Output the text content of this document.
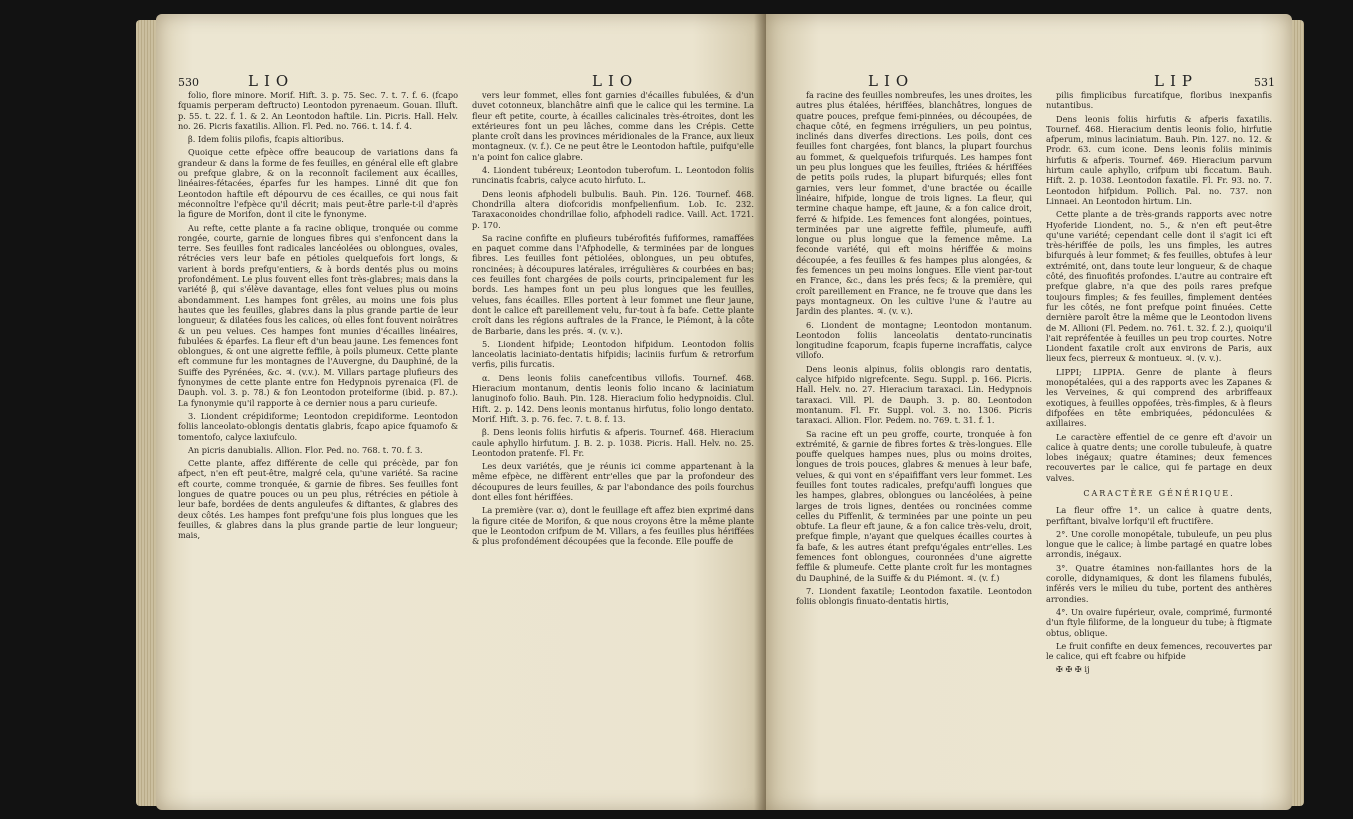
530	LIO	LIO

folio, flore minore. Morif. Hift. 3. p. 75. Sec. 7. t. 7. f. 6. (fcapo fquamis perperam deftructo) Leontodon pyrenaeum. Gouan. Illuft. p. 55. t. 22. f. 1. & 2. An Leontodon haftile. Lin. Picris. Hall. Helv. no. 26. Picris faxatilis. Allion. Fl. Ped. no. 766. t. 14. f. 4.

β. Idem foliis pilofis, fcapis altioribus.

Quoique cette efpèce offre beaucoup de variations dans fa grandeur & dans la forme de fes feuilles, en général elle eft glabre ou prefque glabre, & on la reconnoît facilement aux écailles, linéaires-fétacées, éparfes fur les hampes. Linné dit que fon Leontodon haftile eft dépourvu de ces écailles, ce qui nous fait méconnoître l'efpèce qu'il décrit; mais peut-être parle-t-il d'après la figure de Morifon, dont il cite le fynonyme.

Au refte, cette plante a fa racine oblique, tronquée ou comme rongée, courte, garnie de longues fibres qui s'enfoncent dans la terre. Ses feuilles font radicales lancéolées ou oblongues, ovales, rétrécies vers leur bafe en pétioles quelquefois fort longs, & varient à bords prefqu'entiers, & à bords dentés plus ou moins profondément. Le plus fouvent elles font très-glabres; mais dans la variété β, qui s'élève davantage, elles font velues plus ou moins abondamment. Les hampes font grêles, au moins une fois plus hautes que les feuilles, glabres dans la plus grande partie de leur longueur, & dilatées fous les calices, où elles font fouvent noirâtres & un peu velues. Ces hampes font munies d'écailles linéaires, fubulées & éparfes. La fleur eft d'un beau jaune. Les femences font oblongues, & ont une aigrette feffile, à poils plumeux. Cette plante eft commune fur les montagnes de l'Auvergne, du Dauphiné, de la Suiffe des Pyrénées, &c. ♃. (v.v.). M. Villars partage plufieurs des fynonymes de cette plante entre fon Hedypnois pyrenaica (Fl. de Dauph. vol. 3. p. 78.) & fon Leontodon proteiforme (ibid. p. 87.). La fynonymie qu'il rapporte à ce dernier nous a paru curieufe.

3. Liondent crépidiforme; Leontodon crepidiforme. Leontodon foliis lanceolato-oblongis dentatis glabris, fcapo apice fquamofo & tomentofo, calyce laxiufculo.

An picris danubialis. Allion. Flor. Ped. no. 768. t. 70. f. 3.

Cette plante, affez différente de celle qui précède, par fon afpect, n'en eft peut-être, malgré cela, qu'une variété. Sa racine eft courte, comme tronquée, & garnie de fibres. Ses feuilles font longues de quatre pouces ou un peu plus, rétrécies en pétiole à leur bafe, bordées de dents anguleufes & diftantes, & glabres des deux côtés. Les hampes font prefqu'une fois plus longues que les feuilles, & glabres dans la plus grande partie de leur longueur; mais,

vers leur fommet, elles font garnies d'écailles fubulées, & d'un duvet cotonneux, blanchâtre ainfi que le calice qui les termine. La fleur eft petite, courte, à écailles calicinales très-étroites, dont les extérieures font un peu lâches, comme dans les Crépis. Cette plante croît dans les provinces méridionales de la France, aux lieux montagneux. (v. f.). Ce ne peut être le Leontodon haftile, puifqu'elle n'a point fon calice glabre.

4. Liondent tubéreux; Leontodon tuberofum. L. Leontodon foliis runcinatis fcabris, calyce acuto hirfuto. L.

Dens leonis afphodeli bulbulis. Bauh. Pin. 126. Tournef. 468. Chondrilla altera diofcoridis monfpelienfium. Lob. Ic. 232. Taraxaconoides chondrillae folio, afphodeli radice. Vaill. Act. 1721. p. 170.

Sa racine confifte en plufieurs tubérofités fufiformes, ramaffées en paquet comme dans l'Afphodelle, & terminées par de longues fibres. Les feuilles font pétiolées, oblongues, un peu obtufes, roncinées; à découpures latérales, irrégulières & courbées en bas; ces feuilles font chargées de poils courts, principalement fur les bords. Les hampes font un peu plus longues que les feuilles, velues, fans écailles. Elles portent à leur fommet une fleur jaune, dont le calice eft pareillement velu, fur-tout à fa bafe. Cette plante croît dans les régions auftrales de la France, le Piémont, à la côte de Barbarie, dans les prés. ♃. (v. v.).

5. Liondent hifpide; Leontodon hifpidum. Leontodon foliis lanceolatis laciniato-dentatis hifpidis; laciniis furfum & retrorfum verfis, pilis furcatis.

α. Dens leonis foliis canefcentibus villofis. Tournef. 468. Hieracium montanum, dentis leonis folio incano & laciniatum lanuginofo folio. Bauh. Pin. 128. Hieracium folio hedypnoidis. Clul. Hift. 2. p. 142. Dens leonis montanus hirfutus, folio longo dentato. Morif. Hift. 3. p. 76. fec. 7. t. 8. f. 13.

β. Dens leonis foliis hirfutis & afperis. Tournef. 468. Hieracium caule aphyllo hirfutum. J. B. 2. p. 1038. Picris. Hall. Helv. no. 25. Leontodon pratenfe. Fl. Fr.

Les deux variétés, que je réunis ici comme appartenant à la même efpèce, ne diffèrent entr'elles que par la profondeur des découpures de leurs feuilles, & par l'abondance des poils fourchus dont elles font hériffées.

La première (var. α), dont le feuillage eft affez bien exprimé dans la figure citée de Morifon, & que nous croyons être la même plante que le Leontodon crifpum de M. Villars, a fes feuilles plus hériffées & plus profondément découpées que la feconde. Elle pouffe de

LIO	LIP	531

fa racine des feuilles nombreufes, les unes droites, les autres plus étalées, hériffées, blanchâtres, longues de quatre pouces, prefque femi-pinnées, ou découpées, de chaque côté, en fegmens irréguliers, un peu pointus, inclinés dans diverfes directions. Les poils, dont ces feuilles font chargées, font blancs, la plupart fourchus au fommet, & quelquefois trifurqués. Les hampes font un peu plus longues que les feuilles, ftriées & hériffées de petits poils rudes, la plupart bifurqués; elles font garnies, vers leur fommet, d'une bractée ou écaille linéaire, hifpide, longue de trois lignes. La fleur, qui termine chaque hampe, eft jaune, & a fon calice droit, ferré & hifpide. Les femences font alongées, pointues, terminées par une aigrette feffile, plumeufe, auffi longue ou plus longue que la femence même. La feconde variété, qui eft moins hériffée & moins découpée, a fes feuilles & fes hampes plus alongées, & fes femences un peu moins longues. Elle vient par-tout en France, &c., dans les prés fecs; & la première, qui croît pareillement en France, ne fe trouve que dans les pays montagneux. On les cultive l'une & l'autre au Jardin des plantes. ♃. (v. v.).

6. Liondent de montagne; Leontodon montanum. Leontodon foliis lanceolatis dentato-runcinatis longitudine fcaporum, fcapis fuperne incraffatis, calyce villofo.

Dens leonis alpinus, foliis oblongis raro dentatis, calyce hifpido nigrefcente. Segu. Suppl. p. 166. Picris. Hall. Helv. no. 27. Hieracium taraxaci. Lin. Hedypnois taraxaci. Vill. Pl. de Dauph. 3. p. 80. Leontodon montanum. Fl. Fr. Suppl. vol. 3. no. 1306. Picris taraxaci. Allion. Flor. Pedem. no. 769. t. 31. f. 1.

Sa racine eft un peu groffe, courte, tronquée à fon extrémité, & garnie de fibres fortes & très-longues. Elle pouffe quelques hampes nues, plus ou moins droites, longues de trois pouces, glabres & menues à leur bafe, velues, & qui vont en s'épaififfant vers leur fommet. Les feuilles font toutes radicales, prefqu'auffi longues que les hampes, glabres, oblongues ou lancéolées, à peine larges de trois lignes, dentées ou roncinées comme celles du Piffenlit, & terminées par une pointe un peu obtufe. La fleur eft jaune, & a fon calice très-velu, droit, prefque fimple, n'ayant que quelques écailles courtes à fa bafe, & les autres étant prefqu'égales entr'elles. Les femences font oblongues, couronnées d'une aigrette feffile & plumeufe. Cette plante croît fur les montagnes du Dauphiné, de la Suiffe & du Piémont. ♃. (v. f.)

7. Liondent faxatile; Leontodon faxatile. Leontodon foliis oblongis finuato-dentatis hirtis,

pilis fimplicibus furcatifque, floribus inexpanfis nutantibus.

Dens leonis foliis hirfutis & afperis faxatilis. Tournef. 468. Hieracium dentis leonis folio, hirfutie afperum, minus laciniatum. Bauh. Pin. 127. no. 12. & Prodr. 63. cum icone. Dens leonis foliis minimis hirfutis & afperis. Tournef. 469. Hieracium parvum hirtum caule aphyllo, crifpum ubi ficcatum. Bauh. Hift. 2. p. 1038. Leontodon faxatile. Fl. Fr. 93. no. 7. Leontodon hifpidum. Pollich. Pal. no. 737. non Linnaei. An Leontodon hirtum. Lin.

Cette plante a de très-grands rapports avec notre Hyoferide Liondent, no. 5., & n'en eft peut-être qu'une variété; cependant celle dont il s'agit ici eft très-hériffée de poils, les uns fimples, les autres bifurqués à leur fommet; & fes feuilles, obtufes à leur extrémité, ont, dans toute leur longueur, & de chaque côté, des finuofités profondes. L'autre au contraire eft prefque glabre, n'a que des poils rares prefque toujours fimples; & fes feuilles, fimplement dentées fur les côtés, ne font prefque point finuées. Cette dernière paroît être la même que le Leontodon livens de M. Allioni (Fl. Pedem. no. 761. t. 32. f. 2.), quoiqu'il l'ait repréfentée à feuilles un peu trop courtes. Notre Liondent faxatile croît aux environs de Paris, aux lieux fecs, pierreux & montueux. ♃. (v. v.).

LIPPI; LIPPIA. Genre de plante à fleurs monopétalées, qui a des rapports avec les Zapanes & les Verveines, & qui comprend des arbriffeaux exotiques, à feuilles oppofées, très-fimples, & à fleurs difpofées en tête embriquées, pédonculées & axillaires.

Le caractère effentiel de ce genre eft d'avoir un calice à quatre dents; une corolle tubuleufe, à quatre lobes inégaux; quatre étamines; deux femences recouvertes par le calice, qui fe partage en deux valves.

CARACTÈRE GÉNÉRIQUE.

La fleur offre 1°. un calice à quatre dents, perfiftant, bivalve lorfqu'il eft fructifère.

2°. Une corolle monopétale, tubuleufe, un peu plus longue que le calice; à limbe partagé en quatre lobes arrondis, inégaux.

3°. Quatre étamines non-faillantes hors de la corolle, didynamiques, & dont les filamens fubulés, inférés vers le milieu du tube, portent des anthères arrondies.

4°. Un ovaire fupérieur, ovale, comprimé, furmonté d'un ftyle filiforme, de la longueur du tube; à ftigmate obtus, oblique.

Le fruit confifte en deux femences, recouvertes par le calice, qui eft fcabre ou hifpide

✠ ✠ ✠ ij
